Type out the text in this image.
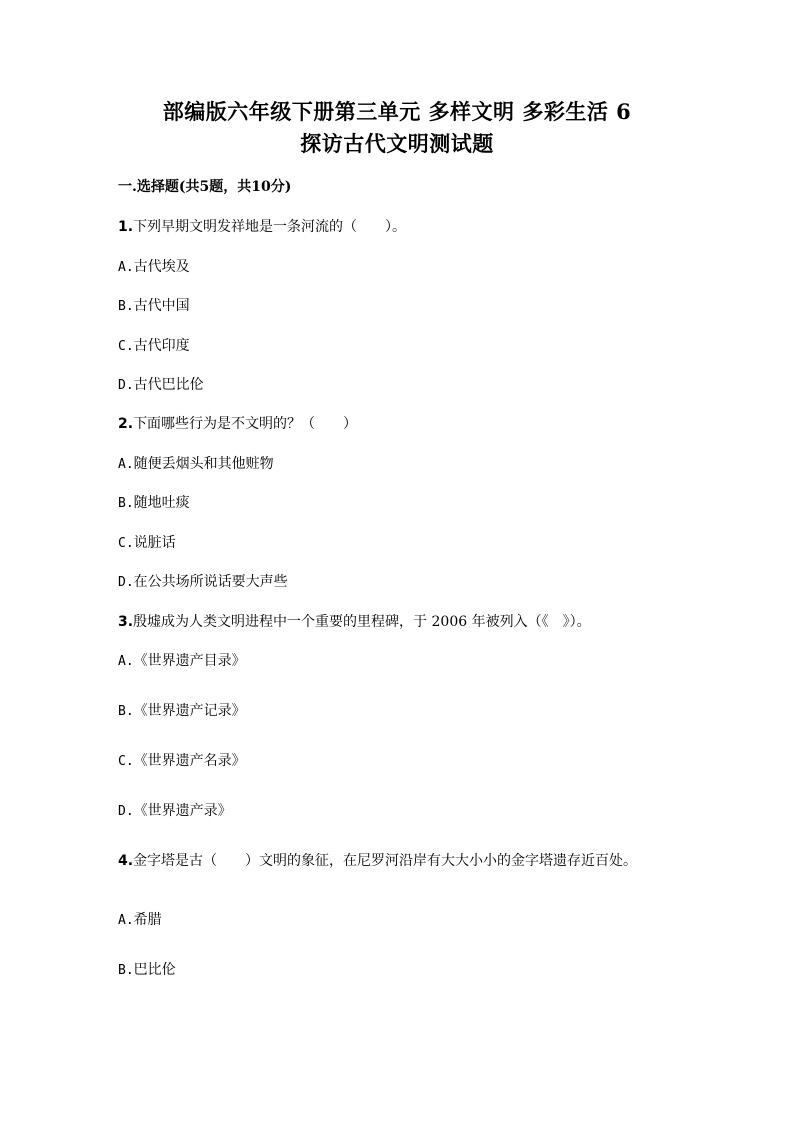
部编版六年级下册第三单元 多样文明 多彩生活 6
探访古代文明测试题
一.选择题(共5题，共10分)
1.下列早期文明发祥地是一条河流的（　　）。
A.古代埃及
B.古代中国
C.古代印度
D.古代巴比伦
2.下面哪些行为是不文明的？（　　）
A.随便丢烟头和其他赃物
B.随地吐痰
C.说脏话
D.在公共场所说话要大声些
3.殷墟成为人类文明进程中一个重要的里程碑，于 2006 年被列入（《　》）。
A.《世界遗产目录》
B.《世界遗产记录》
C.《世界遗产名录》
D.《世界遗产录》
4.金字塔是古（　　）文明的象征，在尼罗河沿岸有大大小小的金字塔遗存近百处。
A.希腊
B.巴比伦
